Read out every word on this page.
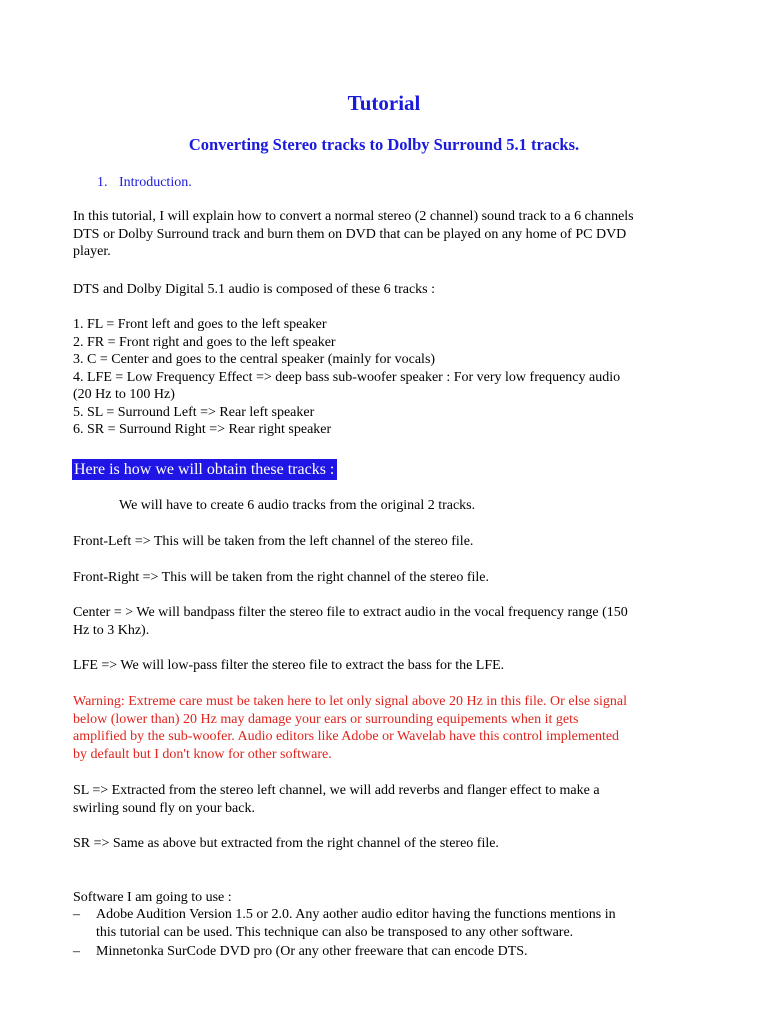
Tutorial
Converting Stereo tracks to Dolby Surround 5.1 tracks.
1. Introduction.

In this tutorial, I will explain how to convert a normal stereo (2 channel) sound track to a 6 channels
DTS or Dolby Surround track and burn them on DVD that can be played on any home of PC DVD
player.

DTS and Dolby Digital 5.1 audio is composed of these 6 tracks :

1. FL = Front left and goes to the left speaker
2. FR = Front right and goes to the left speaker
3. C = Center and goes to the central speaker (mainly for vocals)
4. LFE = Low Frequency Effect => deep bass sub-woofer speaker : For very low frequency audio
(20 Hz to 100 Hz)
5. SL = Surround Left => Rear left speaker
6. SR = Surround Right => Rear right speaker

Here is how we will obtain these tracks :

We will have to create 6 audio tracks from the original 2 tracks.

Front-Left => This will be taken from the left channel of the stereo file.

Front-Right => This will be taken from the right channel of the stereo file.

Center = > We will bandpass filter the stereo file to extract audio in the vocal frequency range (150
Hz to 3 Khz).

LFE => We will low-pass filter the stereo file to extract the bass for the LFE.

Warning: Extreme care must be taken here to let only signal above 20 Hz in this file. Or else signal
below (lower than) 20 Hz may damage your ears or surrounding equipements when it gets
amplified by the sub-woofer. Audio editors like Adobe or Wavelab have this control implemented
by default but I don't know for other software.

SL => Extracted from the stereo left channel, we will add reverbs and flanger effect to make a
swirling sound fly on your back.

SR => Same as above but extracted from the right channel of the stereo file.

Software I am going to use :

–	Adobe Audition Version 1.5 or 2.0. Any aother audio editor having the functions mentions in
this tutorial can be used. This technique can also be transposed to any other software.
–	Minnetonka SurCode DVD pro (Or any other freeware that can encode DTS.
